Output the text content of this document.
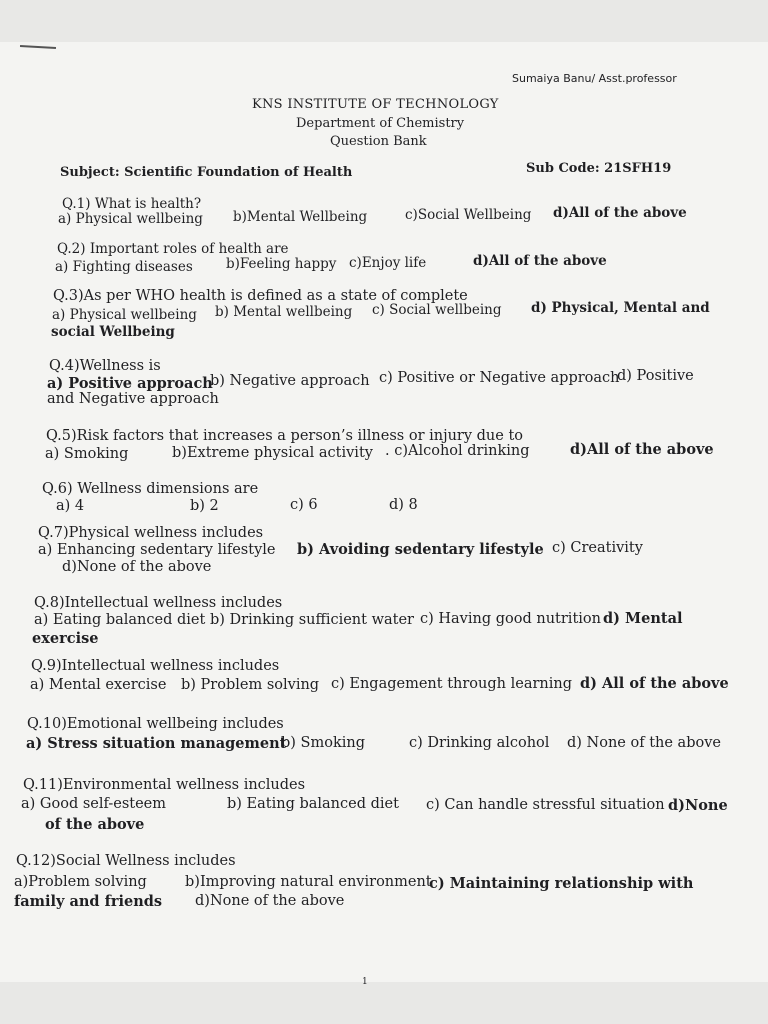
Sumaiya Banu/ Asst.professor
KNS INSTITUTE OF TECHNOLOGY
Department of Chemistry
Question Bank
Subject: Scientific Foundation of Health	Sub Code: 21SFH19
Q.1) What is health?
a) Physical wellbeing b)Mental Wellbeing	c)Social Wellbeing d)All of the above
Q.2) Important roles of health are
a) Fighting diseases b)Feeling happy c)Enjoy life	d)All of the above
Q.3)As per WHO health is defined as a state of complete
a) Physical wellbeing b) Mental wellbeing c) Social wellbeing d) Physical, Mental and
social Wellbeing
Q.4)Wellness is
a) Positive approach
b) Negative approach c) Positive or Negative approach
d) Positive
and Negative approach
Q.5)Risk factors that increases a person’s illness or injury due to
a) Smoking	b)Extreme physical activity . c)Alcohol drinking	d)All of the above
Q.6) Wellness dimensions are
a) 4	b) 2	c) 6	d) 8
Q.7)Physical wellness includes
a) Enhancing sedentary lifestyle b) Avoiding sedentary lifestyle c) Creativity
d)None of the above
Q.8)Intellectual wellness includes
a) Eating balanced diet b) Drinking sufficient water c) Having good nutrition d) Mental
exercise
Q.9)Intellectual wellness includes
a) Mental exercise b) Problem solving c) Engagement through learning d) All of the above
Q.10)Emotional wellbeing includes
a) Stress situation management
b) Smoking	c) Drinking alcohol d) None of the above
Q.11)Environmental wellness includes
a) Good self-esteem	b) Eating balanced diet c) Can handle stressful situation d)None
of the above
Q.12)Social Wellness includes
a)Problem solving	b)Improving natural environment
c) Maintaining relationship with
family and friends d)None of the above
1
